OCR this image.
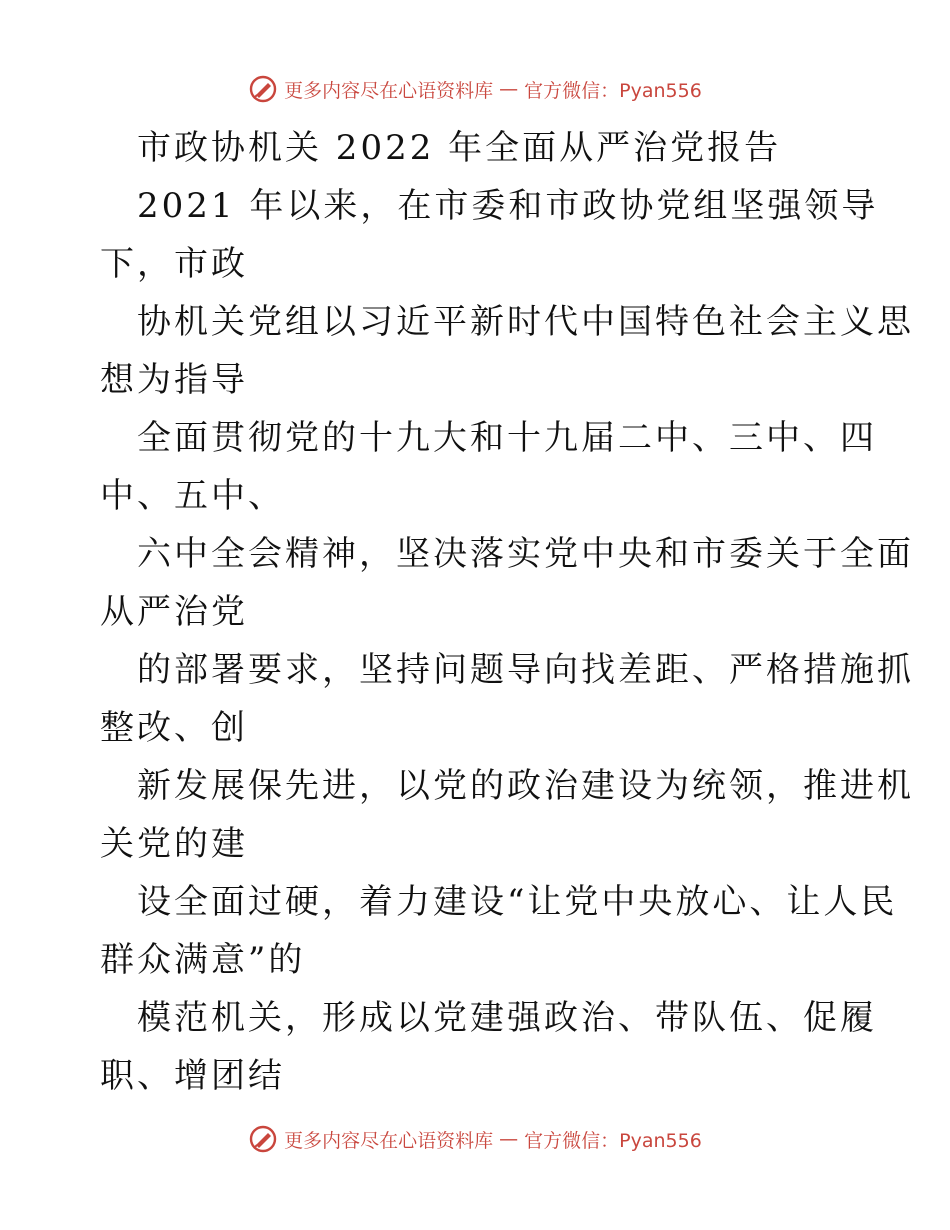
更多内容尽在心语资料库 — 官方微信：Pyan556
市政协机关 2022 年全面从严治党报告
2021 年以来，在市委和市政协党组坚强领导
下，市政
协机关党组以习近平新时代中国特色社会主义思
想为指导
全面贯彻党的十九大和十九届二中、三中、四
中、五中、
六中全会精神，坚决落实党中央和市委关于全面
从严治党
的部署要求，坚持问题导向找差距、严格措施抓
整改、创
新发展保先进，以党的政治建设为统领，推进机
关党的建
设全面过硬，着力建设“让党中央放心、让人民
群众满意”的
模范机关，形成以党建强政治、带队伍、促履
职、增团结
更多内容尽在心语资料库 — 官方微信：Pyan556
